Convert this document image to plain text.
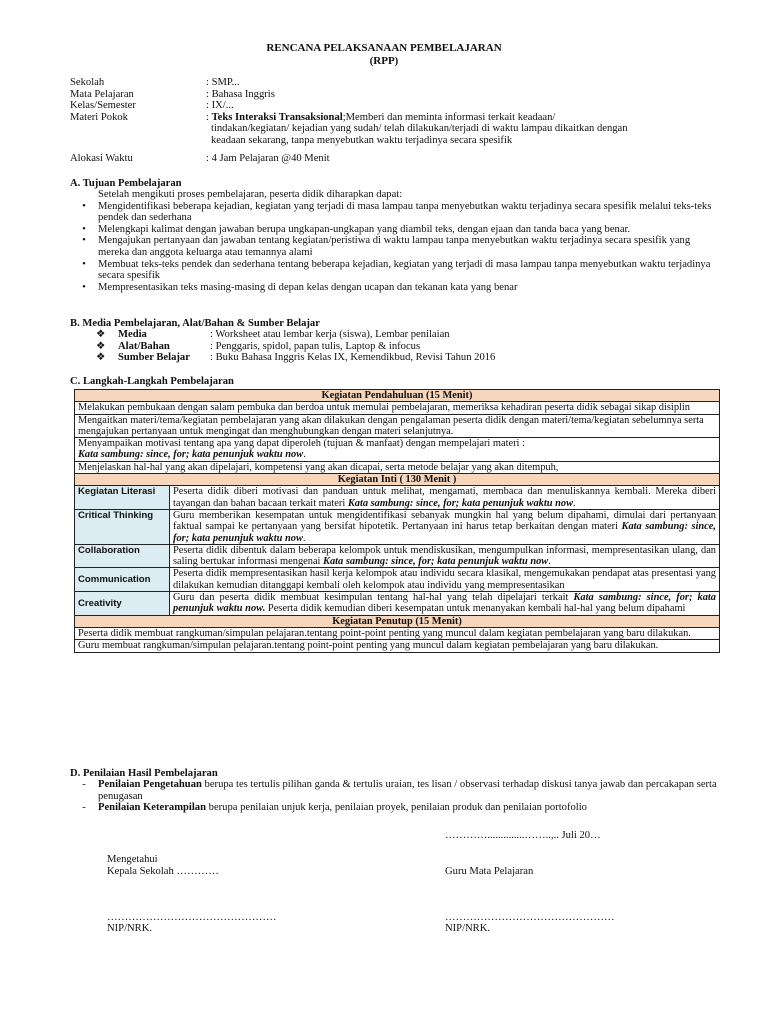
RENCANA PELAKSANAAN PEMBELAJARAN
(RPP)
Sekolah	: SMP...
Mata Pelajaran	: Bahasa Inggris
Kelas/Semester	: IX/...
Materi Pokok	: Teks Interaksi Transaksional;Memberi dan meminta informasi terkait keadaan/
tindakan/kegiatan/ kejadian yang sudah/ telah dilakukan/terjadi di waktu lampau dikaitkan dengan
keadaan sekarang, tanpa menyebutkan waktu terjadinya secara spesifik
Alokasi Waktu	: 4 Jam Pelajaran @40 Menit
A. Tujuan Pembelajaran
Setelah mengikuti proses pembelajaran, peserta didik diharapkan dapat:
•	Mengidentifikasi beberapa kejadian, kegiatan yang terjadi di masa lampau tanpa menyebutkan waktu terjadinya secara spesifik melalui teks-teks pendek dan sederhana
•	Melengkapi kalimat dengan jawaban berupa ungkapan-ungkapan yang diambil teks, dengan ejaan dan tanda baca yang benar.
•	Mengajukan pertanyaan dan jawaban tentang kegiatan/peristiwa di waktu lampau tanpa menyebutkan waktu terjadinya secara spesifik yang mereka dan anggota keluarga atau temannya alami
•	Membuat teks-teks pendek dan sederhana tentang beberapa kejadian, kegiatan yang terjadi di masa lampau tanpa menyebutkan waktu terjadinya secara spesifik
•	Mempresentasikan teks masing-masing di depan kelas dengan ucapan dan tekanan kata yang benar
B. Media Pembelajaran, Alat/Bahan & Sumber Belajar
❖	Media	: Worksheet atau lembar kerja (siswa), Lembar penilaian
❖	Alat/Bahan	: Penggaris, spidol, papan tulis, Laptop & infocus
❖	Sumber Belajar	: Buku Bahasa Inggris Kelas IX, Kemendikbud, Revisi Tahun 2016
C. Langkah-Langkah Pembelajaran
Kegiatan Pendahuluan (15 Menit)	
Melakukan pembukaan dengan salam pembuka dan berdoa untuk memulai pembelajaran, memeriksa kehadiran peserta didik sebagai sikap disiplin	
Mengaitkan materi/tema/kegiatan pembelajaran yang akan dilakukan dengan pengalaman peserta didik dengan materi/tema/kegiatan sebelumnya serta mengajukan pertanyaan untuk mengingat dan menghubungkan dengan materi selanjutnya.	
Menyampaikan motivasi tentang apa yang dapat diperoleh (tujuan & manfaat) dengan mempelajari materi :
Kata sambung: since, for; kata penunjuk waktu now.	
Menjelaskan hal-hal yang akan dipelajari, kompetensi yang akan dicapai, serta metode belajar yang akan ditempuh,	
Kegiatan Inti ( 130 Menit )	
Kegiatan Literasi	Peserta didik diberi motivasi dan panduan untuk melihat, mengamati, membaca dan menuliskannya kembali. Mereka diberi tayangan dan bahan bacaan terkait materi Kata sambung: since, for; kata penunjuk waktu now.
Critical Thinking	Guru memberikan kesempatan untuk mengidentifikasi sebanyak mungkin hal yang belum dipahami, dimulai dari pertanyaan faktual sampai ke pertanyaan yang bersifat hipotetik. Pertanyaan ini harus tetap berkaitan dengan materi Kata sambung: since, for; kata penunjuk waktu now.
Collaboration	Peserta didik dibentuk dalam beberapa kelompok untuk mendiskusikan, mengumpulkan informasi, mempresentasikan ulang, dan saling bertukar informasi mengenai Kata sambung: since, for; kata penunjuk waktu now.
Communication	Peserta didik mempresentasikan hasil kerja kelompok atau individu secara klasikal, mengemukakan pendapat atas presentasi yang dilakukan kemudian ditanggapi kembali oleh kelompok atau individu yang mempresentasikan
Creativity	Guru dan peserta didik membuat kesimpulan tentang hal-hal yang telah dipelajari terkait Kata sambung: since, for; kata penunjuk waktu now. Peserta didik kemudian diberi kesempatan untuk menanyakan kembali hal-hal yang belum dipahami
Kegiatan Penutup (15 Menit)	
Peserta didik membuat rangkuman/simpulan pelajaran.tentang point-point penting yang muncul dalam kegiatan pembelajaran yang baru dilakukan.	
Guru membuat rangkuman/simpulan pelajaran.tentang point-point penting yang muncul dalam kegiatan pembelajaran yang baru dilakukan.	
D. Penilaian Hasil Pembelajaran
-	Penilaian Pengetahuan berupa tes tertulis pilihan ganda & tertulis uraian, tes lisan / observasi terhadap diskusi tanya jawab dan percakapan serta penugasan
-	Penilaian Keterampilan berupa penilaian unjuk kerja, penilaian proyek, penilaian produk dan penilaian portofolio
…………..............……..,.. Juli 20…
Mengetahui
Kepala Sekolah …………	Guru Mata Pelajaran
…………………………………………	…………………………………………
NIP/NRK.	NIP/NRK.
